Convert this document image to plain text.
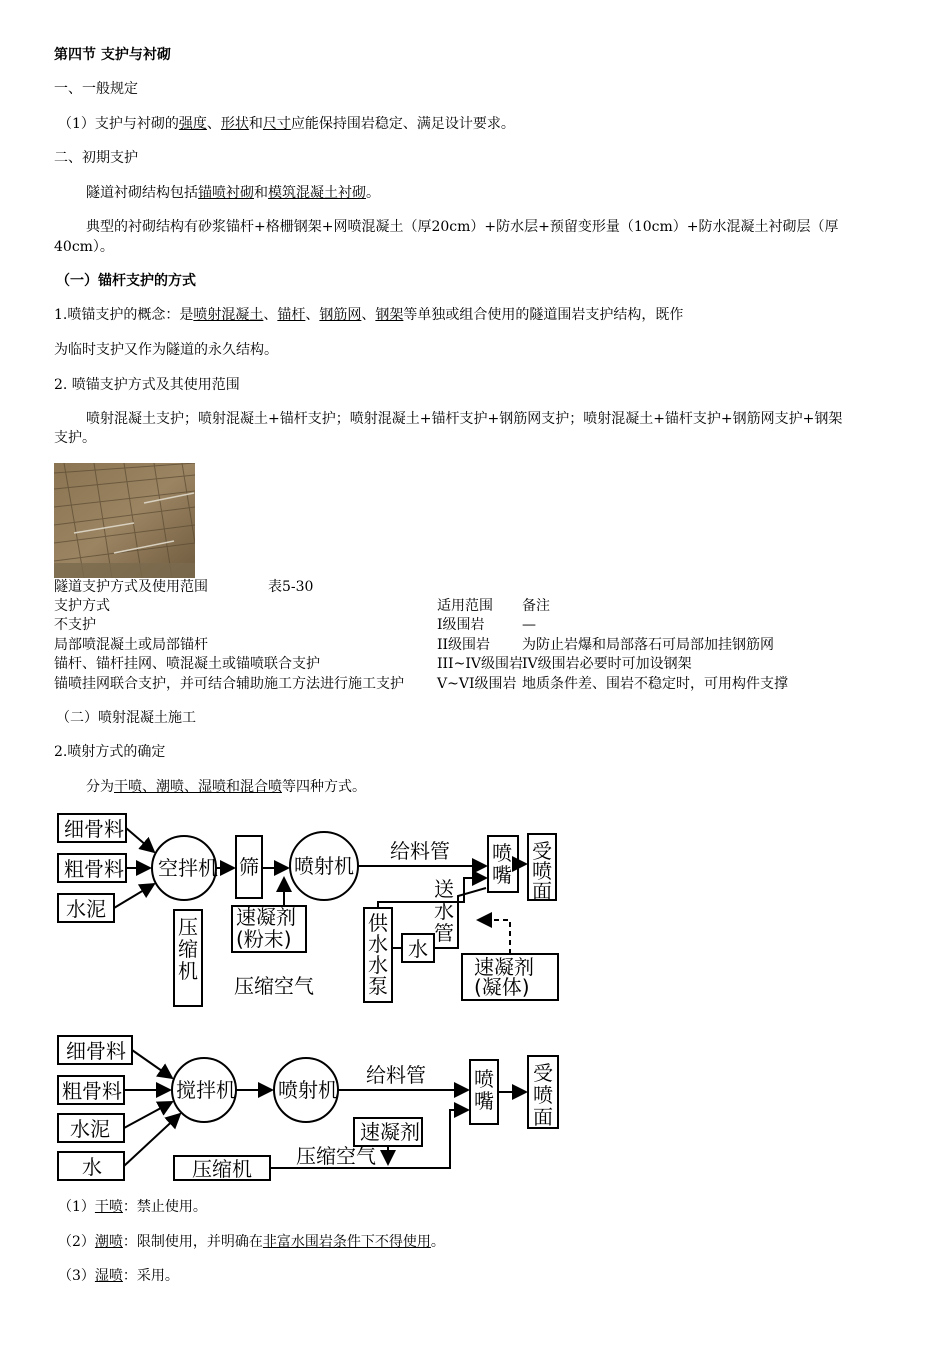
第四节 支护与衬砌
一、一般规定
（1）支护与衬砌的强度、形状和尺寸应能保持围岩稳定、满足设计要求。
二、初期支护
隧道衬砌结构包括锚喷衬砌和模筑混凝土衬砌。
典型的衬砌结构有砂浆锚杆+格栅钢架+网喷混凝土（厚20cm）+防水层+预留变形量（10cm）+防水混凝土衬砌层（厚
40cm）。
（一）锚杆支护的方式
1.喷锚支护的概念：是喷射混凝土、锚杆、钢筋网、钢架等单独或组合使用的隧道围岩支护结构，既作
为临时支护又作为隧道的永久结构。
2. 喷锚支护方式及其使用范围
喷射混凝土支护；喷射混凝土+锚杆支护；喷射混凝土+锚杆支护+钢筋网支护；喷射混凝土+锚杆支护+钢筋网支护+钢架
支护。
隧道支护方式及使用范围	表5-30
支护方式	适用范围 备注
不支护	I级围岩	—
局部喷混凝土或局部锚杆	II级围岩 为防止岩爆和局部落石可局部加挂钢筋网
锚杆、锚杆挂网、喷混凝土或锚喷联合支护	III~IV级围岩 IV级围岩必要时可加设钢架
锚喷挂网联合支护，并可结合辅助施工方法进行施工支护 V~VI级围岩 地质条件差、围岩不稳定时，可用构件支撑
（二）喷射混凝土施工
2.喷射方式的确定
分为干喷、潮喷、湿喷和混合喷等四种方式。
细骨料
粗骨料
水泥
空拌机 筛 喷射机
给料管 喷
嘴
受
喷
面
压
缩
机
速凝剂
(粉末)
送
水
管
供
水
水
泵
水
速凝剂
(凝体)
压缩空气
细骨料
粗骨料
水泥
水
搅拌机 喷射机
给料管 喷
嘴
受
喷
面
速凝剂
压缩机
压缩空气
（1）干喷：禁止使用。
（2）潮喷：限制使用，并明确在非富水围岩条件下不得使用。
（3）湿喷：采用。
